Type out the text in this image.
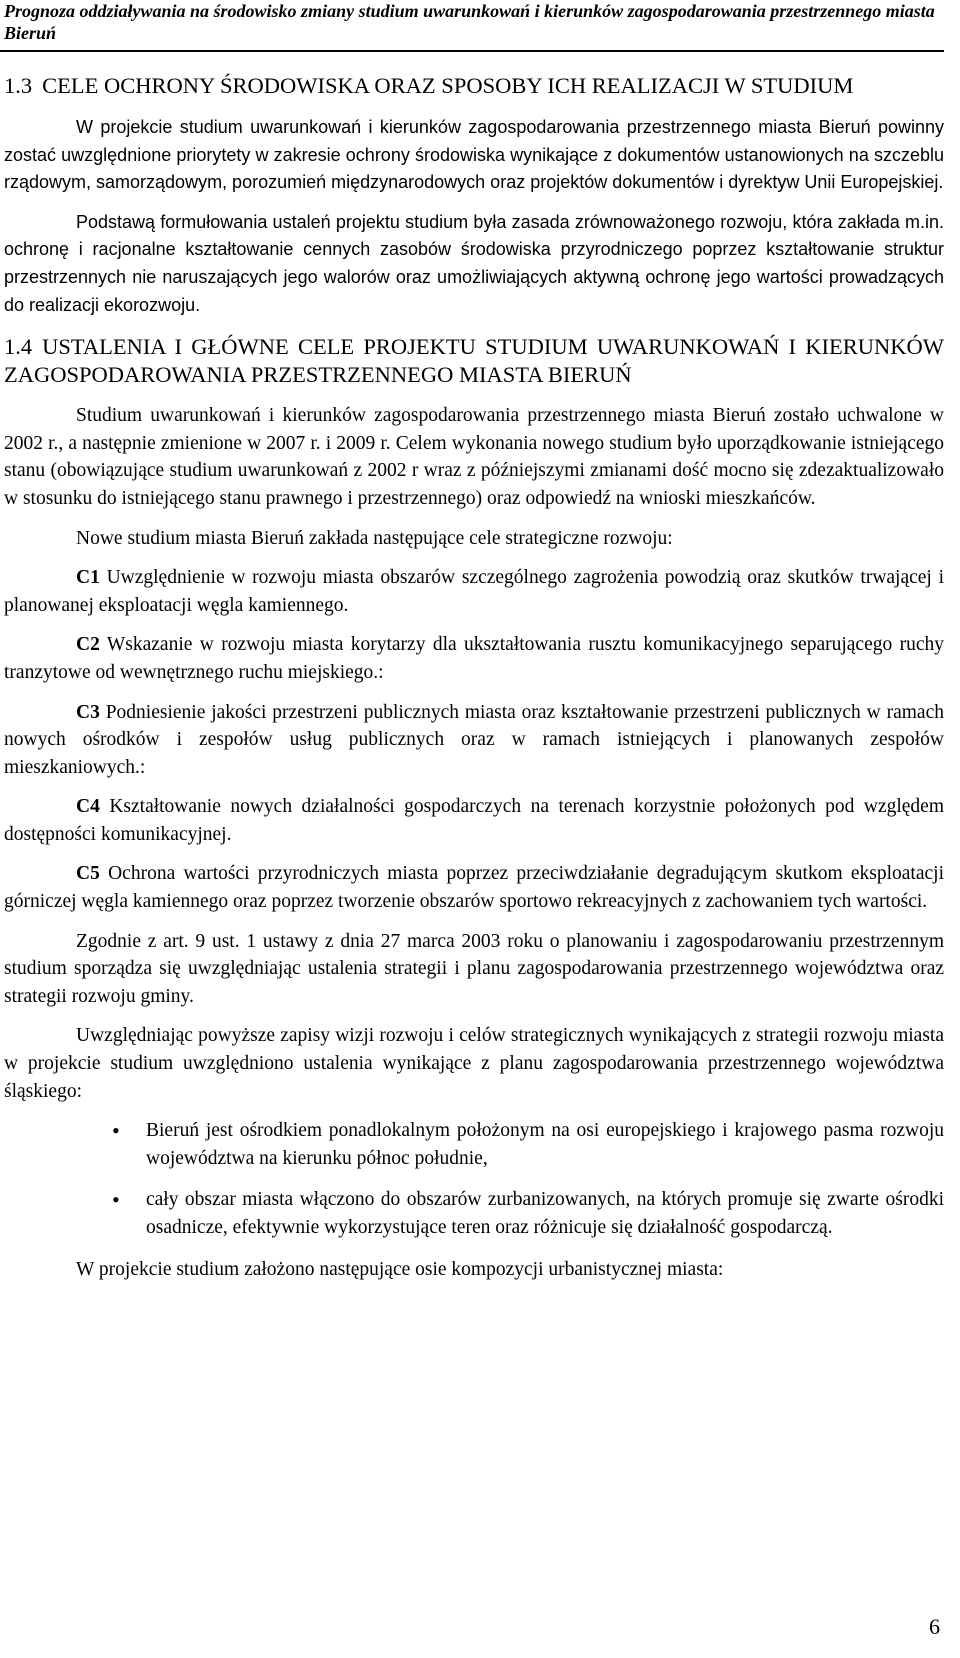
Prognoza oddziaływania na środowisko zmiany studium uwarunkowań i kierunków zagospodarowania przestrzennego miasta Bieruń
1.3 CELE OCHRONY ŚRODOWISKA ORAZ SPOSOBY ICH REALIZACJI W STUDIUM

W projekcie studium uwarunkowań i kierunków zagospodarowania przestrzennego miasta Bieruń powinny zostać uwzględnione priorytety w zakresie ochrony środowiska wynikające z dokumentów ustanowionych na szczeblu rządowym, samorządowym, porozumień międzynarodowych oraz projektów dokumentów i dyrektyw Unii Europejskiej.

Podstawą formułowania ustaleń projektu studium była zasada zrównoważonego rozwoju, która zakłada m.in. ochronę i racjonalne kształtowanie cennych zasobów środowiska przyrodniczego poprzez kształtowanie struktur przestrzennych nie naruszających jego walorów oraz umożliwiających aktywną ochronę jego wartości prowadzących do realizacji ekorozwoju.

1.4 USTALENIA I GŁÓWNE CELE PROJEKTU STUDIUM UWARUNKOWAŃ I KIERUNKÓW ZAGOSPODAROWANIA PRZESTRZENNEGO MIASTA BIERUŃ

Studium uwarunkowań i kierunków zagospodarowania przestrzennego miasta Bieruń zostało uchwalone w 2002 r., a następnie zmienione w 2007 r. i 2009 r. Celem wykonania nowego studium było uporządkowanie istniejącego stanu (obowiązujące studium uwarunkowań z 2002 r wraz z późniejszymi zmianami dość mocno się zdezaktualizowało w stosunku do istniejącego stanu prawnego i przestrzennego) oraz odpowiedź na wnioski mieszkańców.

Nowe studium miasta Bieruń zakłada następujące cele strategiczne rozwoju:

C1 Uwzględnienie w rozwoju miasta obszarów szczególnego zagrożenia powodzią oraz skutków trwającej i planowanej eksploatacji węgla kamiennego.

C2 Wskazanie w rozwoju miasta korytarzy dla ukształtowania rusztu komunikacyjnego separującego ruchy tranzytowe od wewnętrznego ruchu miejskiego.:

C3 Podniesienie jakości przestrzeni publicznych miasta oraz kształtowanie przestrzeni publicznych w ramach nowych ośrodków i zespołów usług publicznych oraz w ramach istniejących i planowanych zespołów mieszkaniowych.:

C4 Kształtowanie nowych działalności gospodarczych na terenach korzystnie położonych pod względem dostępności komunikacyjnej.

C5 Ochrona wartości przyrodniczych miasta poprzez przeciwdziałanie degradującym skutkom eksploatacji górniczej węgla kamiennego oraz poprzez tworzenie obszarów sportowo rekreacyjnych z zachowaniem tych wartości.

Zgodnie z art. 9 ust. 1 ustawy z dnia 27 marca 2003 roku o planowaniu i zagospodarowaniu przestrzennym studium sporządza się uwzględniając ustalenia strategii i planu zagospodarowania przestrzennego województwa oraz strategii rozwoju gminy.

Uwzględniając powyższe zapisy wizji rozwoju i celów strategicznych wynikających z strategii rozwoju miasta w projekcie studium uwzględniono ustalenia wynikające z planu zagospodarowania przestrzennego województwa śląskiego:

• Bieruń jest ośrodkiem ponadlokalnym położonym na osi europejskiego i krajowego pasma rozwoju województwa na kierunku północ południe,
• cały obszar miasta włączono do obszarów zurbanizowanych, na których promuje się zwarte ośrodki osadnicze, efektywnie wykorzystujące teren oraz różnicuje się działalność gospodarczą.

W projekcie studium założono następujące osie kompozycji urbanistycznej miasta:

6
